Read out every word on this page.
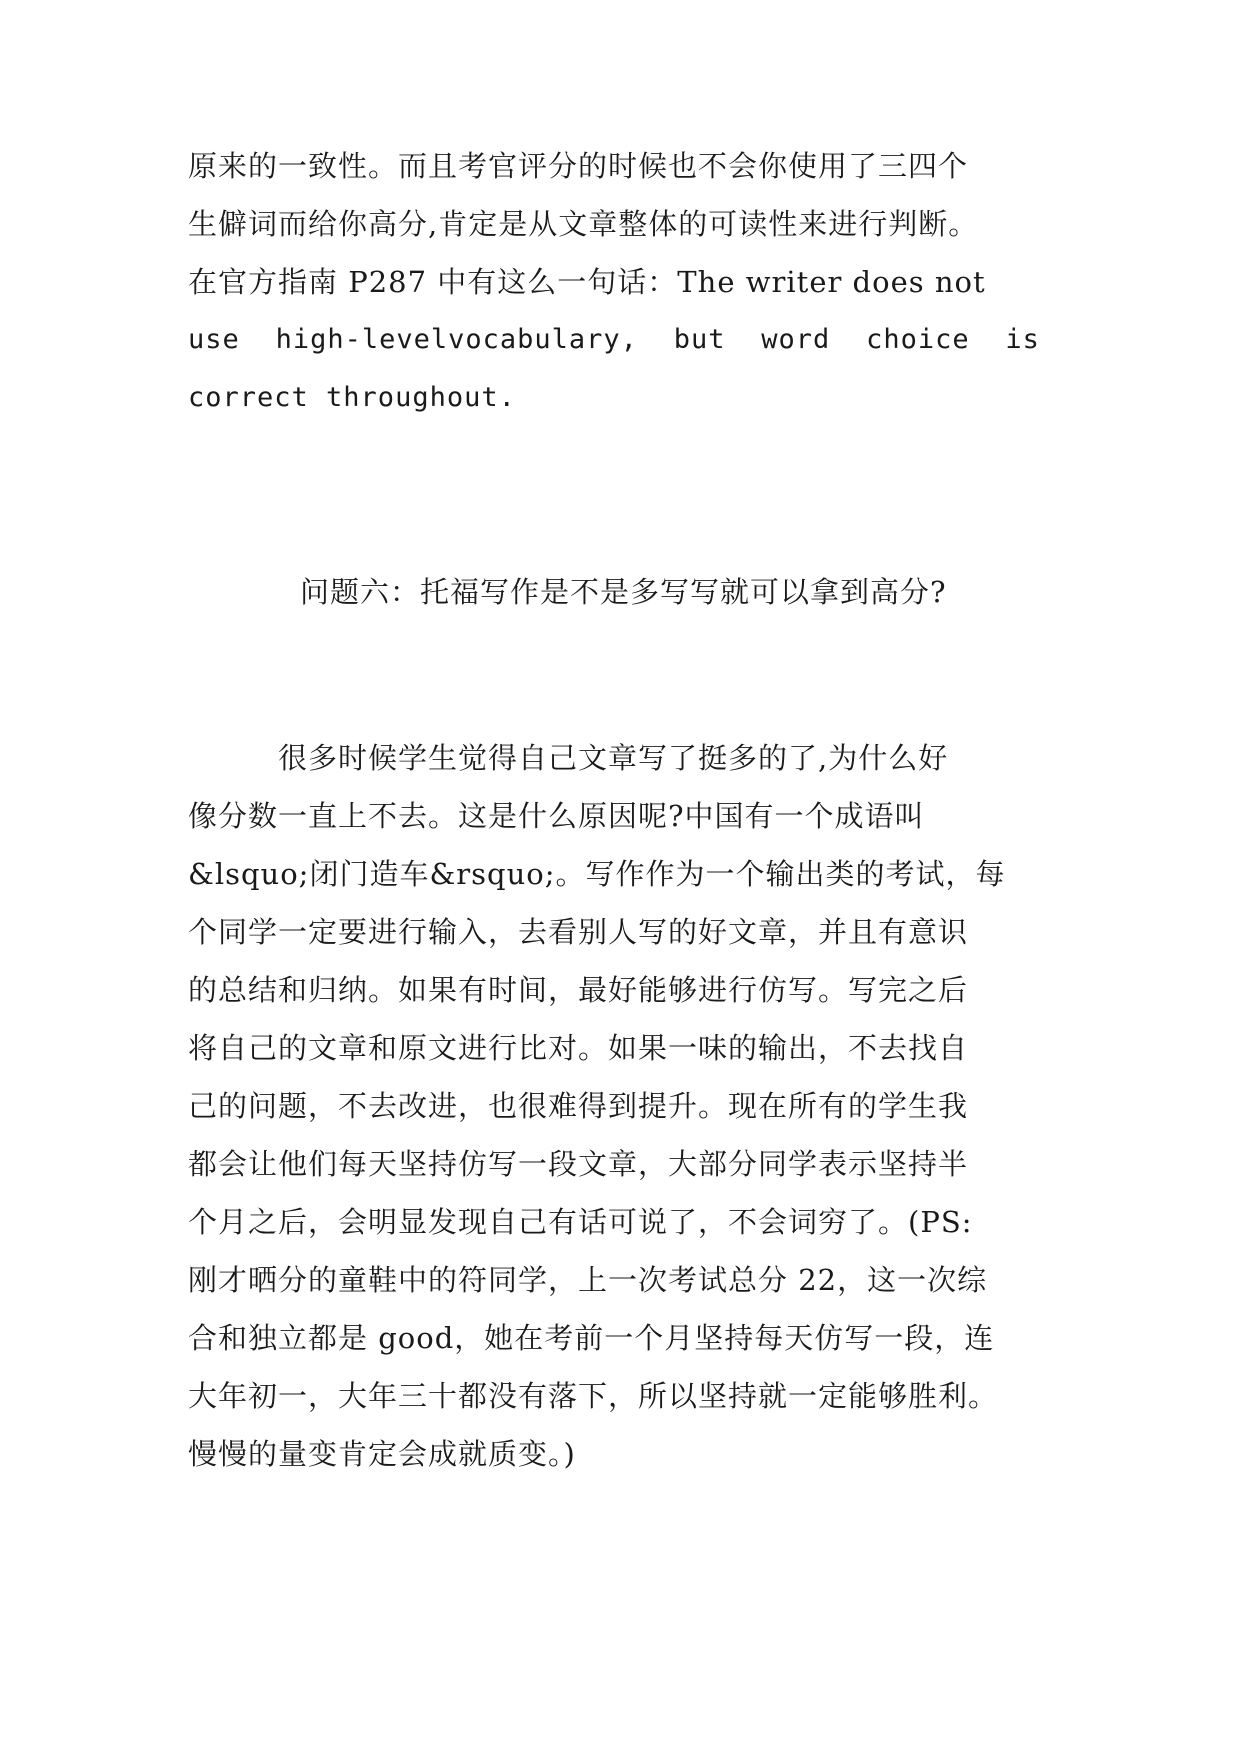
原来的一致性。而且考官评分的时候也不会你使用了三四个
生僻词而给你高分,肯定是从文章整体的可读性来进行判断。
在官方指南 P287 中有这么一句话：The writer does not
use high-levelvocabulary, but word choice is
correct throughout.
问题六：托福写作是不是多写写就可以拿到高分?
　　　很多时候学生觉得自己文章写了挺多的了,为什么好
像分数一直上不去。这是什么原因呢?中国有一个成语叫
&lsquo;闭门造车&rsquo;。写作作为一个输出类的考试，每
个同学一定要进行输入，去看别人写的好文章，并且有意识
的总结和归纳。如果有时间，最好能够进行仿写。写完之后
将自己的文章和原文进行比对。如果一味的输出，不去找自
己的问题，不去改进，也很难得到提升。现在所有的学生我
都会让他们每天坚持仿写一段文章，大部分同学表示坚持半
个月之后，会明显发现自己有话可说了，不会词穷了。(PS:
刚才晒分的童鞋中的符同学，上一次考试总分 22，这一次综
合和独立都是 good，她在考前一个月坚持每天仿写一段，连
大年初一，大年三十都没有落下，所以坚持就一定能够胜利。
慢慢的量变肯定会成就质变。)
